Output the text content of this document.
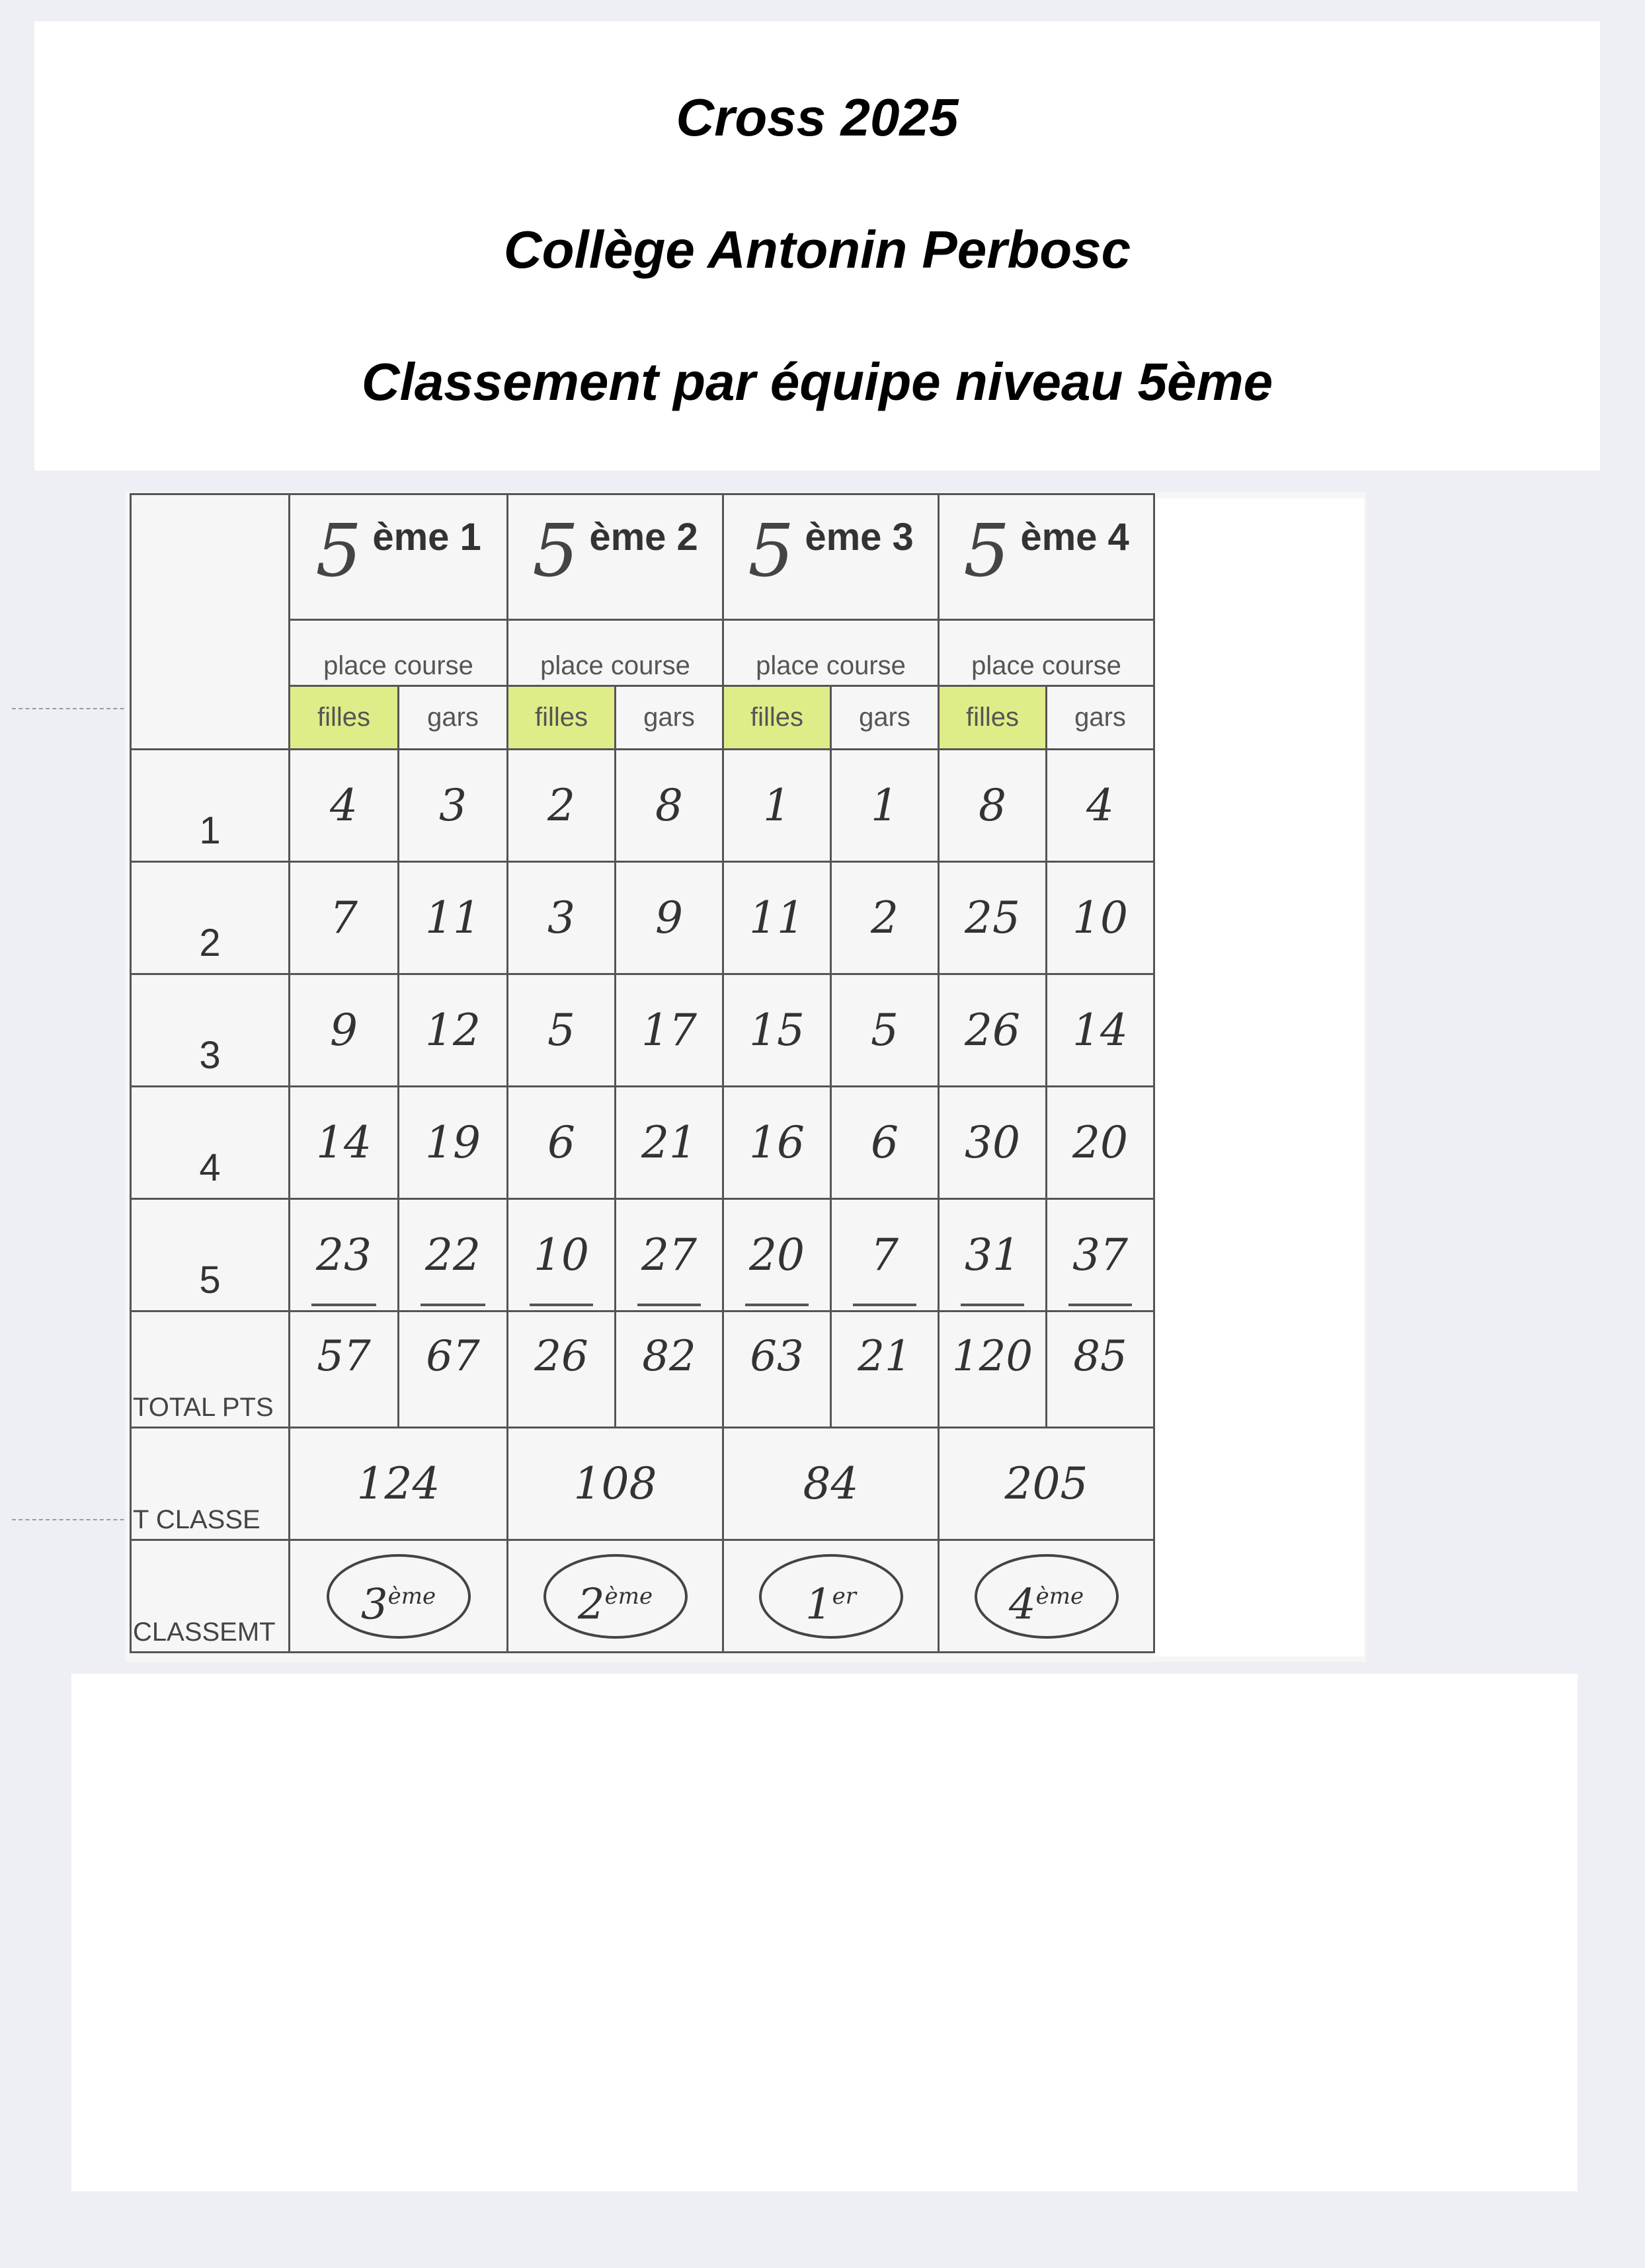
Cross 2025
Collège Antonin Perbosc
Classement par équipe niveau 5ème
	5 ème 1		5 ème 2		5 ème 3		5 ème 4	
	place course		place course		place course		place course	
	filles	gars	filles	gars	filles	gars	filles	gars
1	4	3	2	8	1	1	8	4
2	7	11	3	9	11	2	25	10
3	9	12	5	17	15	5	26	14
4	14	19	6	21	16	6	30	20
5	23	22	10	27	20	7	31	37

TOTAL PTS	57	67	26	82	63	21	120	85
T CLASSE	124		108		84		205	
CLASSEMT	3ème		2ème		1er		4ème
